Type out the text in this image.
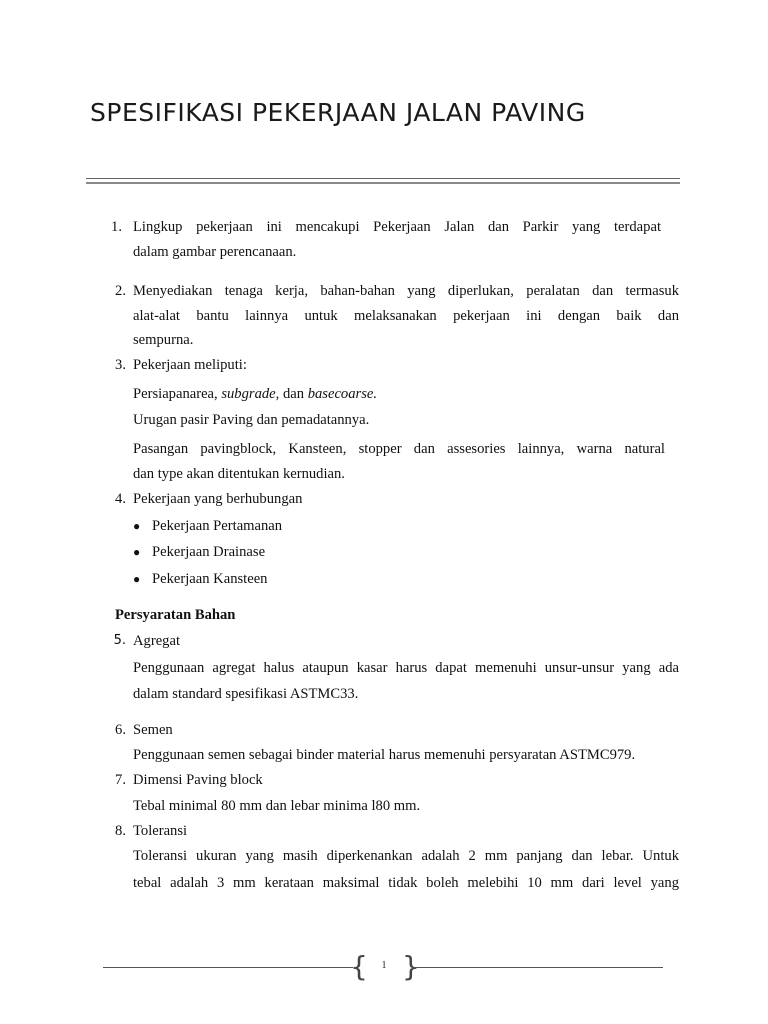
SPESIFIKASI PEKERJAAN JALAN PAVING
1. Lingkup pekerjaan ini mencakupi Pekerjaan Jalan dan Parkir yang terdapat
dalam gambar perencanaan.
2. Menyediakan tenaga kerja, bahan-bahan yang diperlukan, peralatan dan termasuk
alat-alat bantu lainnya untuk melaksanakan pekerjaan ini dengan baik dan
sempurna.
3. Pekerjaan meliputi:
Persiapanarea, subgrade, dan basecoarse.
Urugan pasir Paving dan pemadatannya.
Pasangan pavingblock, Kansteen, stopper dan assesories lainnya, warna natural
dan type akan ditentukan kernudian.
4. Pekerjaan yang berhubungan
● Pekerjaan Pertamanan
● Pekerjaan Drainase
● Pekerjaan Kansteen
Persyaratan Bahan
5. Agregat
Penggunaan agregat halus ataupun kasar harus dapat memenuhi unsur-unsur yang ada
dalam standard spesifikasi ASTMC33.
6. Semen
Penggunaan semen sebagai binder material harus memenuhi persyaratan ASTMC979.
7. Dimensi Paving block
Tebal minimal 80 mm dan lebar minima l80 mm.
8. Toleransi
Toleransi ukuran yang masih diperkenankan adalah 2 mm panjang dan lebar. Untuk
tebal adalah 3 mm kerataan maksimal tidak boleh melebihi 10 mm dari level yang
{	1 }
